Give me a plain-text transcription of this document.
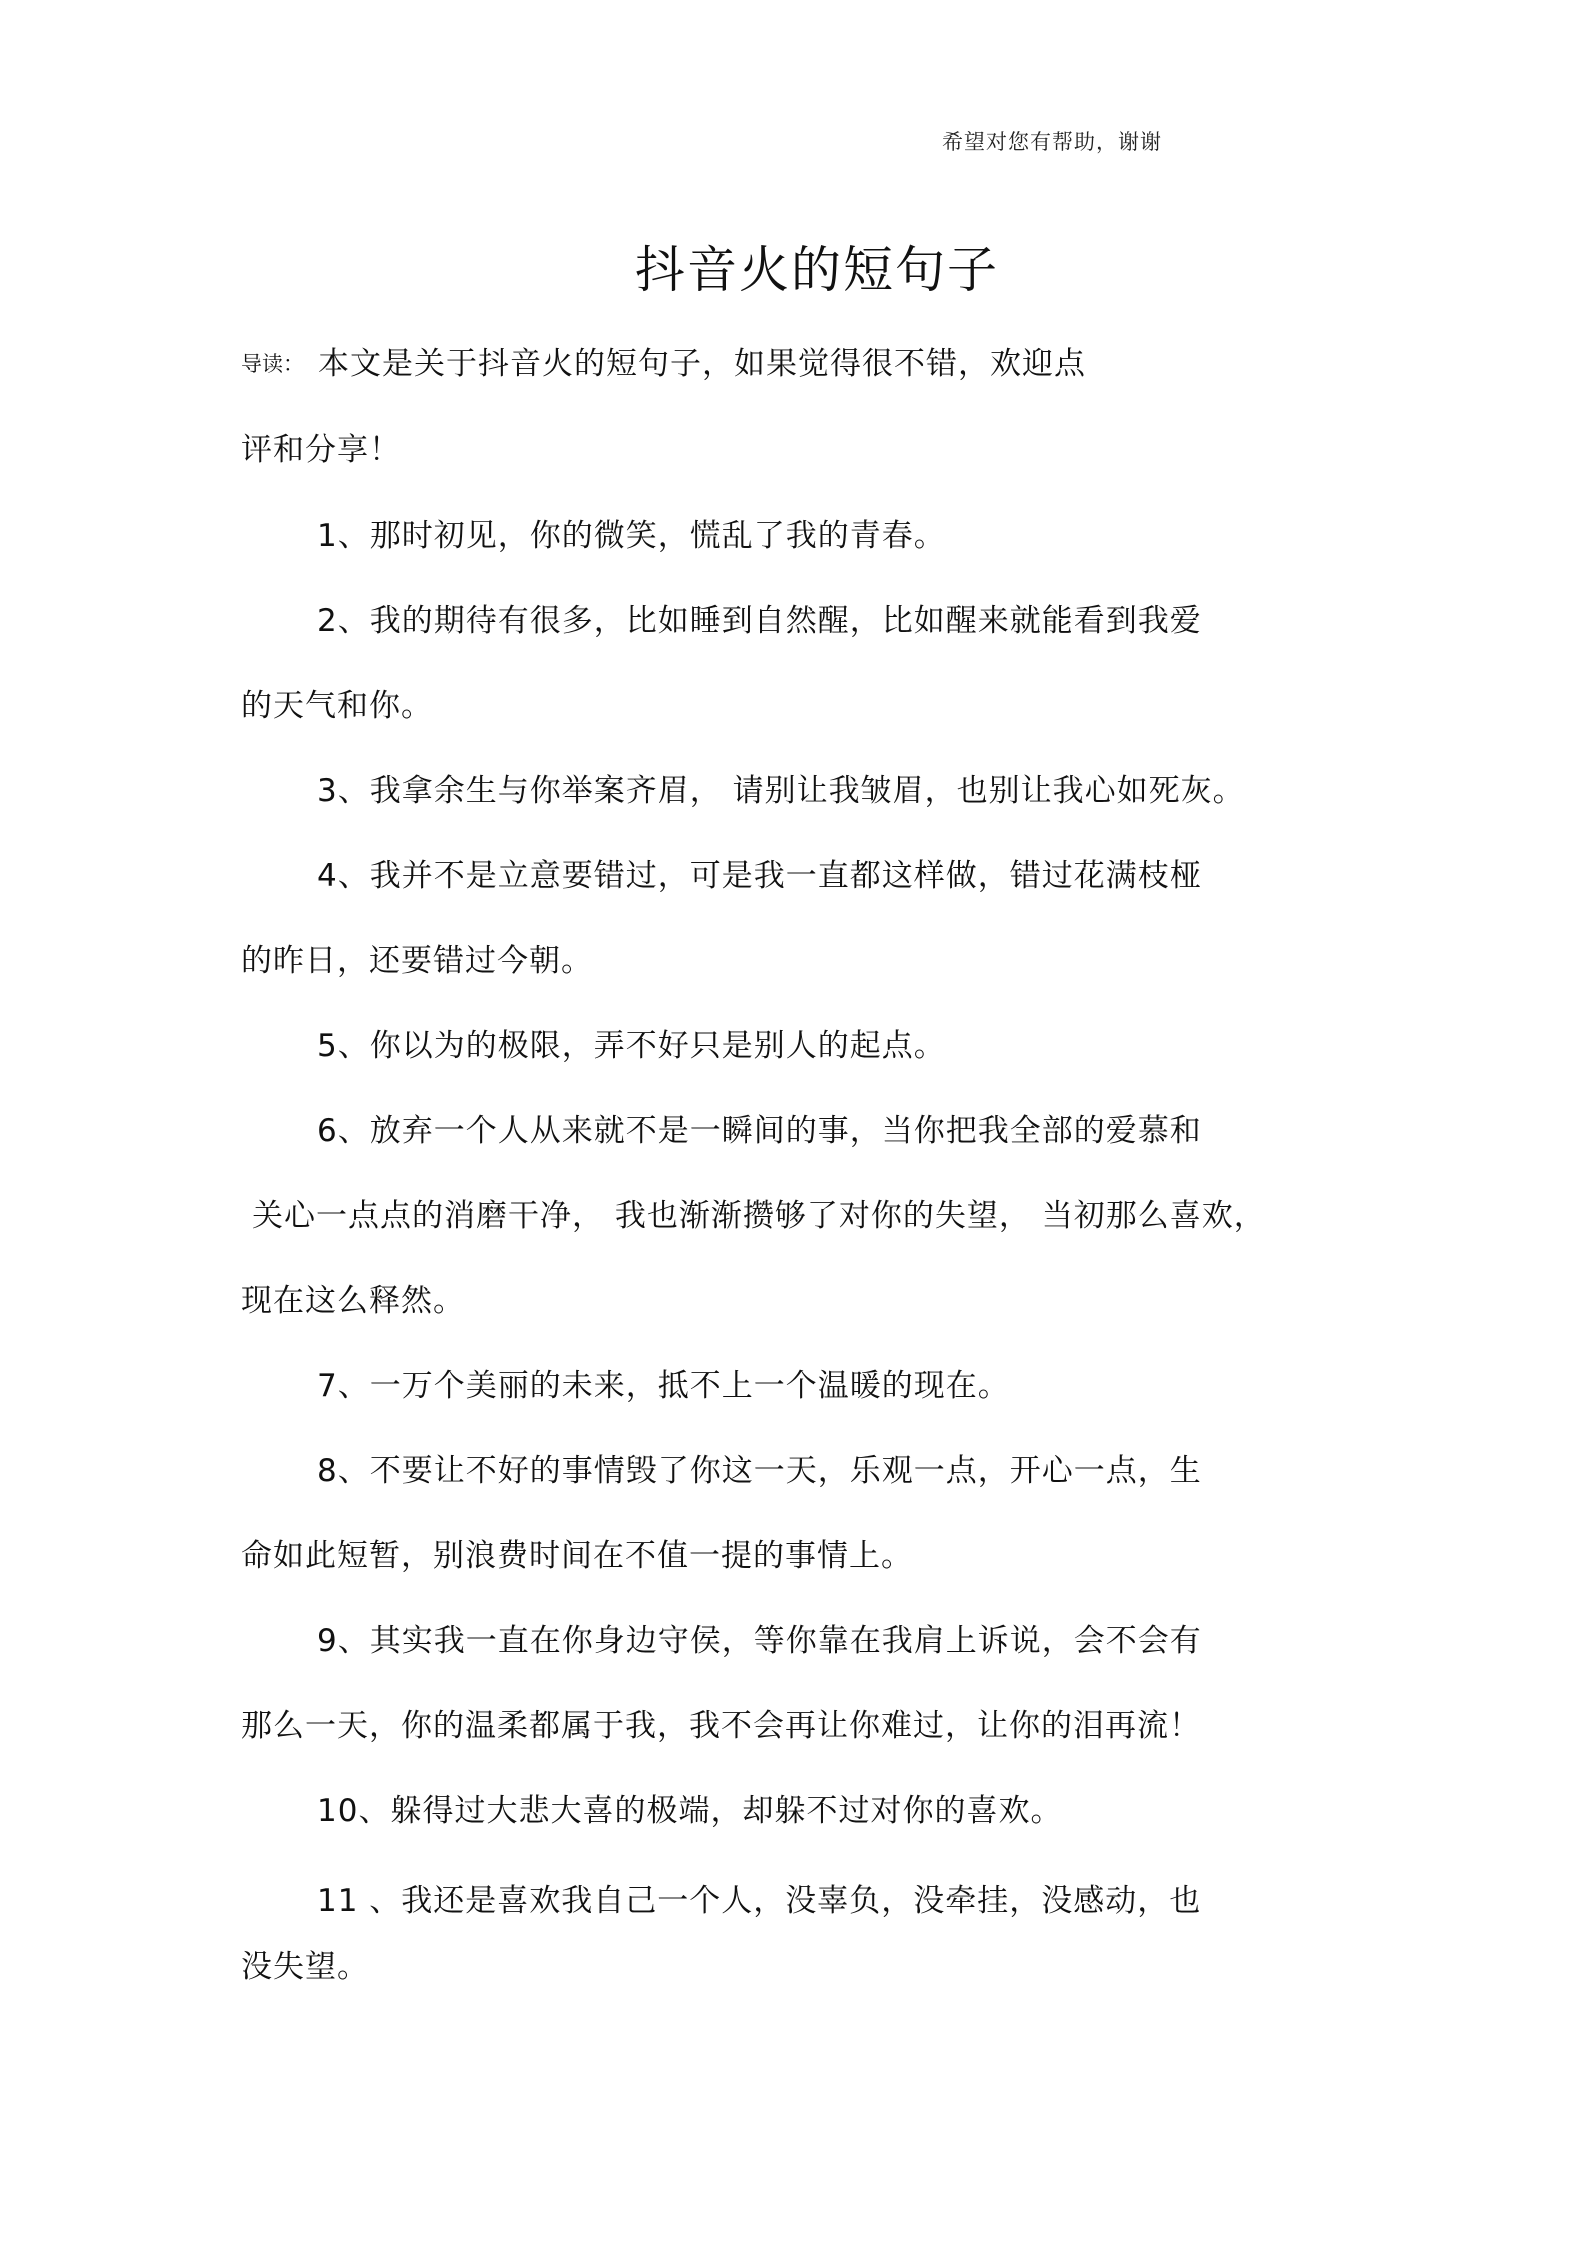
希望对您有帮助，谢谢
抖音火的短句子
导读： 本文是关于抖音火的短句子，如果觉得很不错，欢迎点
评和分享！
1、那时初见，你的微笑，慌乱了我的青春。
2、我的期待有很多，比如睡到自然醒，比如醒来就能看到我爱
的天气和你。
3、我拿余生与你举案齐眉， 请别让我皱眉，也别让我心如死灰。
4、我并不是立意要错过，可是我一直都这样做，错过花满枝桠
的昨日，还要错过今朝。
5、你以为的极限，弄不好只是别人的起点。
6、放弃一个人从来就不是一瞬间的事，当你把我全部的爱慕和
关心一点点的消磨干净， 我也渐渐攒够了对你的失望， 当初那么喜欢，
现在这么释然。
7、一万个美丽的未来，抵不上一个温暖的现在。
8、不要让不好的事情毁了你这一天，乐观一点，开心一点，生
命如此短暂，别浪费时间在不值一提的事情上。
9、其实我一直在你身边守侯，等你靠在我肩上诉说，会不会有
那么一天，你的温柔都属于我，我不会再让你难过，让你的泪再流！
10、躲得过大悲大喜的极端，却躲不过对你的喜欢。
11 、我还是喜欢我自己一个人，没辜负，没牵挂，没感动，也
没失望。
